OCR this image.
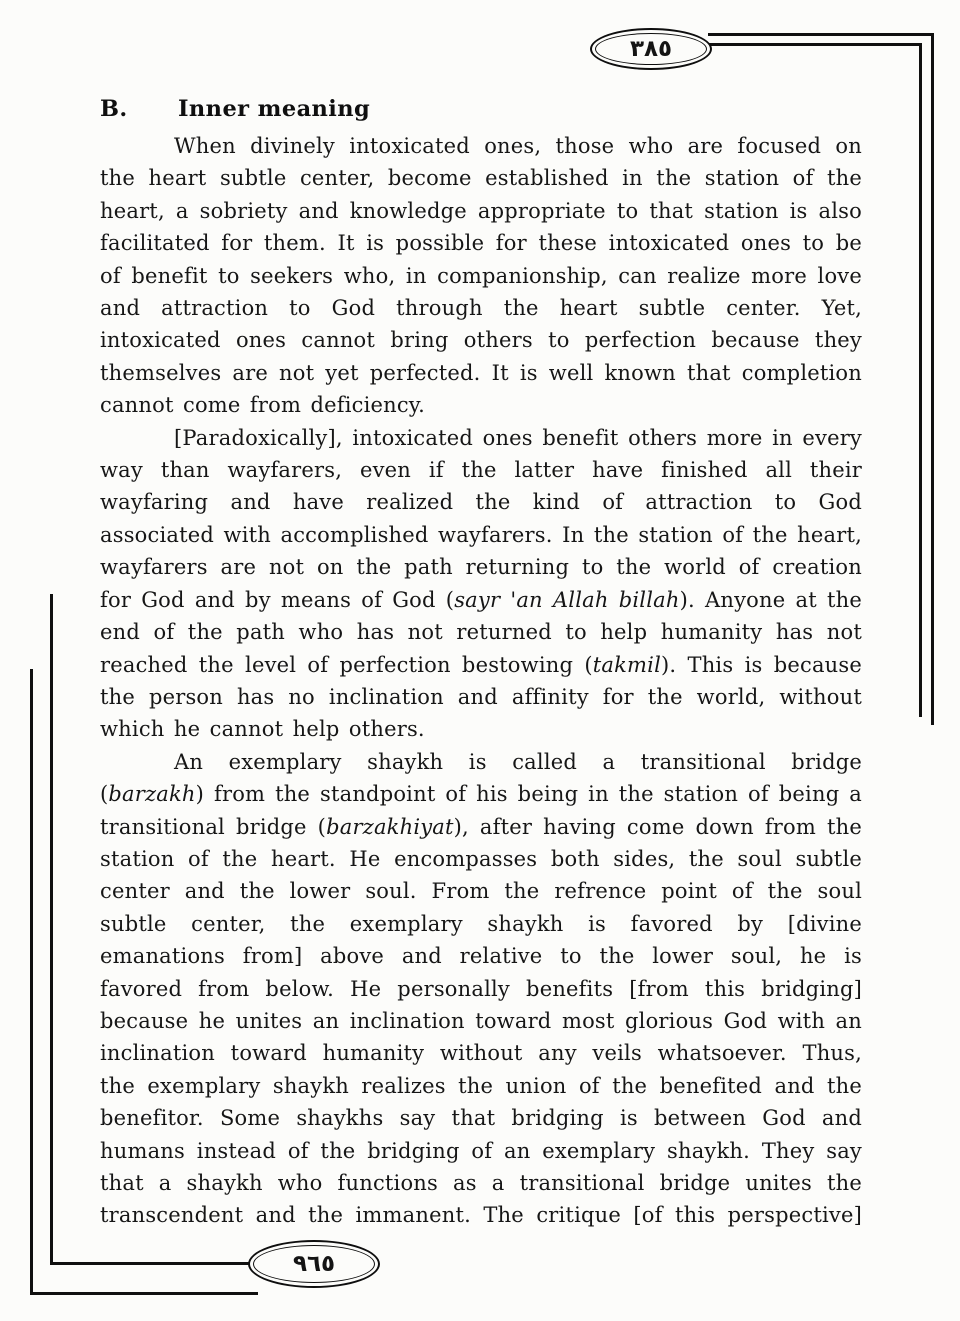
٣٨٥
٩٦٥
B. Inner meaning

When divinely intoxicated ones, those who are focused on the heart subtle center, become established in the station of the heart, a sobriety and knowledge appropriate to that station is also facilitated for them. It is possible for these intoxicated ones to be of benefit to seekers who, in companionship, can realize more love and attraction to God through the heart subtle center. Yet, intoxicated ones cannot bring others to perfection because they themselves are not yet perfected. It is well known that completion cannot come from deficiency.

[Paradoxically], intoxicated ones benefit others more in every way than wayfarers, even if the latter have finished all their wayfaring and have realized the kind of attraction to God associated with accomplished wayfarers. In the station of the heart, wayfarers are not on the path returning to the world of creation for God and by means of God (sayr 'an Allah billah). Anyone at the end of the path who has not returned to help humanity has not reached the level of perfection bestowing (takmil). This is because the person has no inclination and affinity for the world, without which he cannot help others.

An exemplary shaykh is called a transitional bridge (barzakh) from the standpoint of his being in the station of being a transitional bridge (barzakhiyat), after having come down from the station of the heart. He encompasses both sides, the soul subtle center and the lower soul. From the refrence point of the soul subtle center, the exemplary shaykh is favored by [divine emanations from] above and relative to the lower soul, he is favored from below. He personally benefits [from this bridging] because he unites an inclination toward most glorious God with an inclination toward humanity without any veils whatsoever. Thus, the exemplary shaykh realizes the union of the benefited and the benefitor. Some shaykhs say that bridging is between God and humans instead of the bridging of an exemplary shaykh. They say that a shaykh who functions as a transitional bridge unites the transcendent and the immanent. The critique [of this perspective]
